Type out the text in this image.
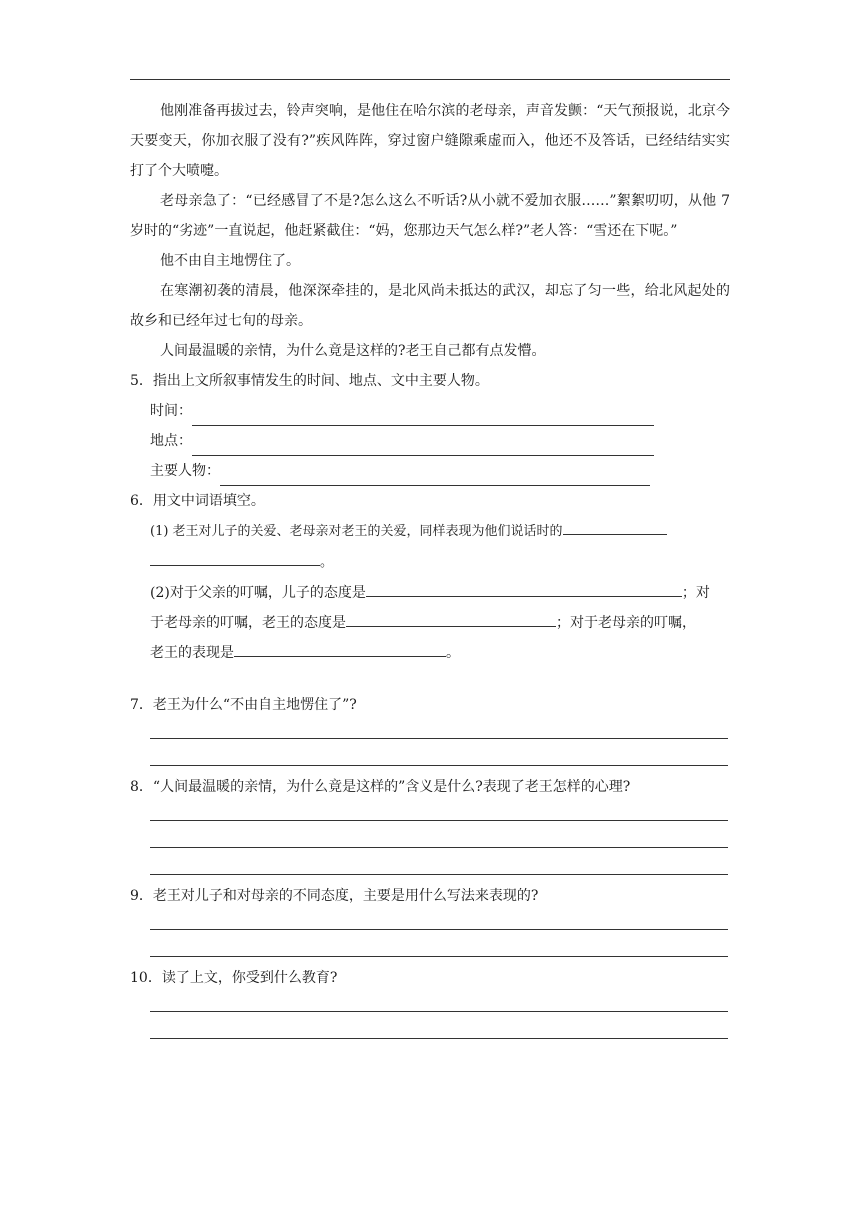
他刚准备再拔过去，铃声突响，是他住在哈尔滨的老母亲，声音发颤：“天气预报说，北京今天要变天，你加衣服了没有?”疾风阵阵，穿过窗户缝隙乘虚而入，他还不及答话，已经结结实实打了个大喷嚏。

老母亲急了：“已经感冒了不是?怎么这么不听话?从小就不爱加衣服……”絮絮叨叨，从他 7 岁时的“劣迹”一直说起，他赶紧截住：“妈，您那边天气怎么样?”老人答：“雪还在下呢。”

他不由自主地愣住了。

在寒潮初袭的清晨，他深深牵挂的，是北风尚未抵达的武汉，却忘了匀一些，给北风起处的故乡和已经年过七旬的母亲。

人间最温暖的亲情，为什么竟是这样的?老王自己都有点发懵。

5．指出上文所叙事情发生的时间、地点、文中主要人物。

时间：

地点：

主要人物：

6．用文中词语填空。

(1) 老王对儿子的关爱、老母亲对老王的关爱，同样表现为他们说话时的
。

(2)对于父亲的叮嘱，儿子的态度是	；对
于老母亲的叮嘱，老王的态度是	；对于老母亲的叮嘱，
老王的表现是	。

7．老王为什么“不由自主地愣住了”?

8．“人间最温暖的亲情，为什么竟是这样的”含义是什么?表现了老王怎样的心理?

9．老王对儿子和对母亲的不同态度，主要是用什么写法来表现的?

10．读了上文，你受到什么教育?
